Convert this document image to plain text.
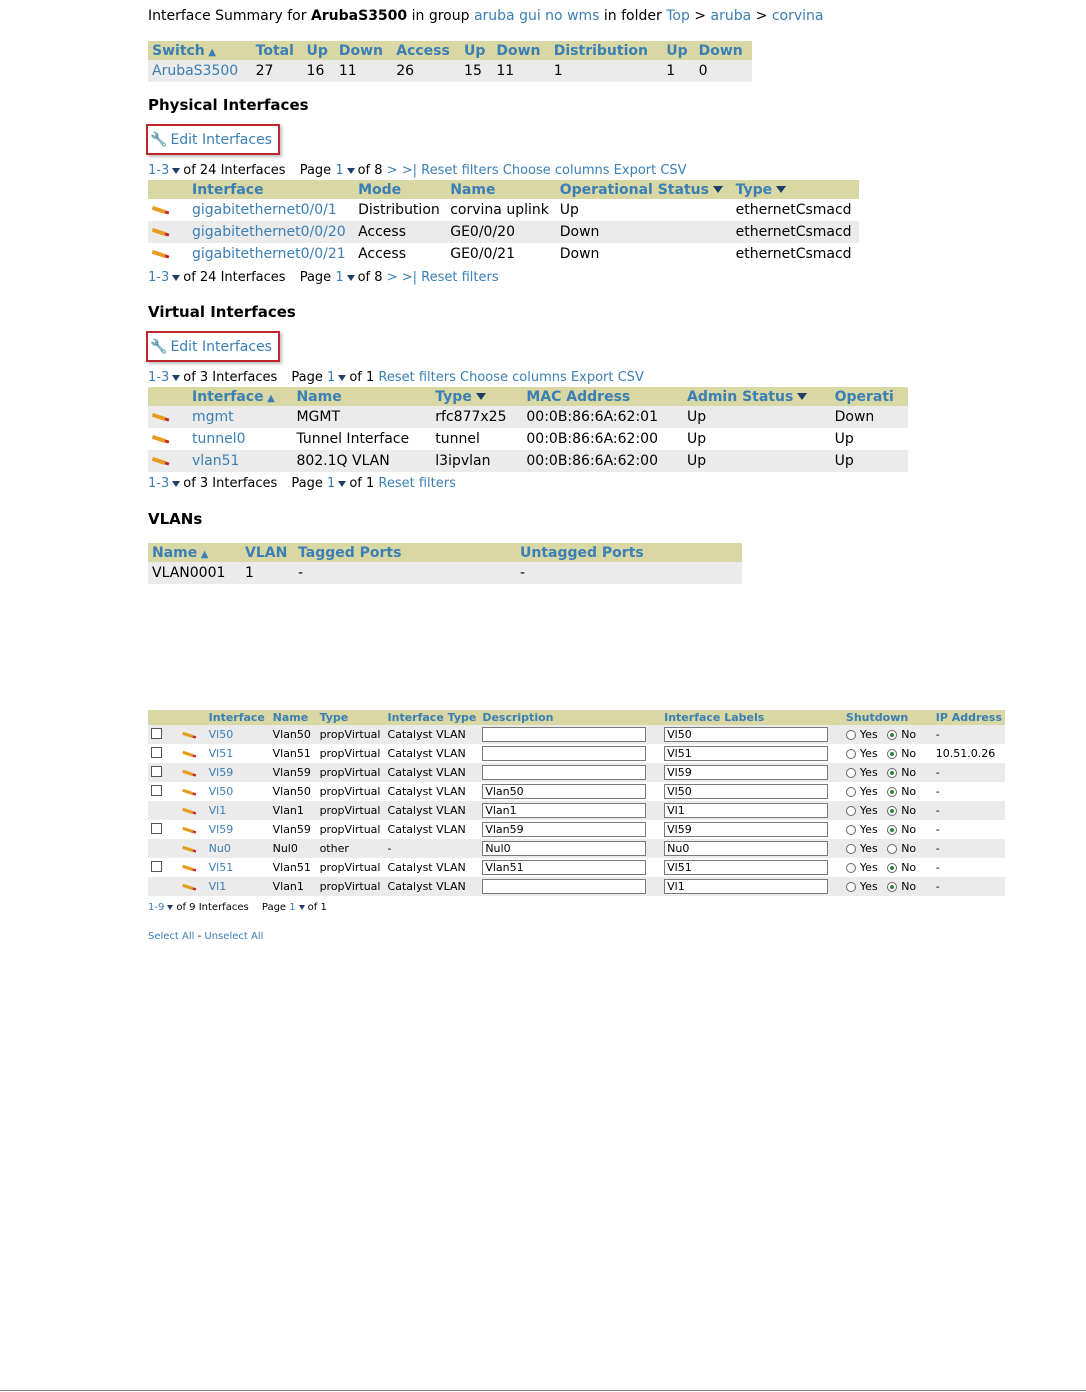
Interface Summary for ArubaS3500 in group aruba gui no wms in folder Top > aruba > corvina
Switch ▲	Total	Up	Down	Access	Up	Down	Distribution	Up	Down
ArubaS3500	27	16	11	26	15	11	1	1	0
Physical Interfaces
🔧 Edit Interfaces
1-3 of 24 Interfaces Page 1 of 8 > >| Reset filters Choose columns Export CSV
	Interface	Mode	Name	Operational Status	Type
	gigabitethernet0/0/1	Distribution	corvina uplink	Up	ethernetCsmacd
	gigabitethernet0/0/20	Access	GE0/0/20	Down	ethernetCsmacd
	gigabitethernet0/0/21	Access	GE0/0/21	Down	ethernetCsmacd
1-3 of 24 Interfaces Page 1 of 8 > >| Reset filters
Virtual Interfaces
🔧 Edit Interfaces
1-3 of 3 Interfaces Page 1 of 1 Reset filters Choose columns Export CSV
	Interface ▲	Name	Type	MAC Address	Admin Status	Operati
	mgmt	MGMT	rfc877x25	00:0B:86:6A:62:01	Up	Down
	tunnel0	Tunnel Interface	tunnel	00:0B:86:6A:62:00	Up	Up
	vlan51	802.1Q VLAN	l3ipvlan	00:0B:86:6A:62:00	Up	Up
1-3 of 3 Interfaces Page 1 of 1 Reset filters
VLANs
Name ▲	VLAN	Tagged Ports	Untagged Ports
VLAN0001	1	-	-
		Interface	Name	Type	Interface Type	Description	Interface Labels	Shutdown	IP Address
		Vl50	Vlan50	propVirtual	Catalyst VLAN		Vl50	Yes No	-
		Vl51	Vlan51	propVirtual	Catalyst VLAN		Vl51	Yes No	10.51.0.26
		Vl59	Vlan59	propVirtual	Catalyst VLAN		Vl59	Yes No	-
		Vl50	Vlan50	propVirtual	Catalyst VLAN	Vlan50	Vl50	Yes No	-
		Vl1	Vlan1	propVirtual	Catalyst VLAN	Vlan1	Vl1	Yes No	-
		Vl59	Vlan59	propVirtual	Catalyst VLAN	Vlan59	Vl59	Yes No	-
		Nu0	Nul0	other	-	Nul0	Nu0	Yes No	-
		Vl51	Vlan51	propVirtual	Catalyst VLAN	Vlan51	Vl51	Yes No	-
		Vl1	Vlan1	propVirtual	Catalyst VLAN		Vl1	Yes No	-
1-9 of 9 Interfaces Page 1 of 1
Select All - Unselect All
